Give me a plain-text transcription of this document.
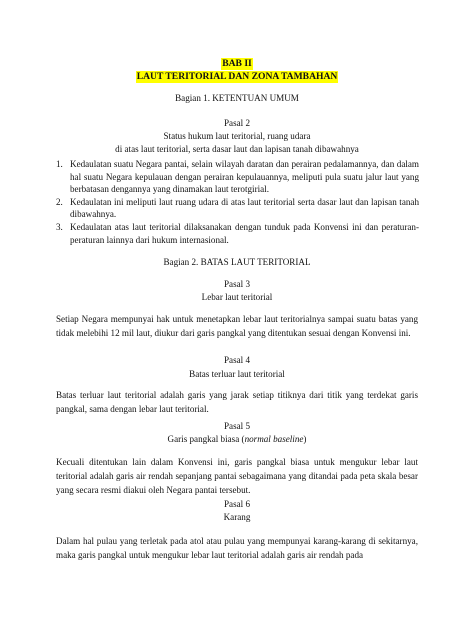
BAB II
LAUT TERITORIAL DAN ZONA TAMBAHAN
Bagian 1. KETENTUAN UMUM
Pasal 2
Status hukum laut teritorial, ruang udara
di atas laut teritorial, serta dasar laut dan lapisan tanah dibawahnya
1. Kedaulatan suatu Negara pantai, selain wilayah daratan dan perairan pedalamannya, dan dalam hal suatu Negara kepulauan dengan perairan kepulauannya, meliputi pula suatu jalur laut yang berbatasan dengannya yang dinamakan laut terotgirial.
2. Kedaulatan ini meliputi laut ruang udara di atas laut teritorial serta dasar laut dan lapisan tanah dibawahnya.
3. Kedaulatan atas laut teritorial dilaksanakan dengan tunduk pada Konvensi ini dan peraturan-peraturan lainnya dari hukum internasional.
Bagian 2. BATAS LAUT TERITORIAL
Pasal 3
Lebar laut teritorial
Setiap Negara mempunyai hak untuk menetapkan lebar laut teritorialnya sampai suatu batas yang tidak melebihi 12 mil laut, diukur dari garis pangkal yang ditentukan sesuai dengan Konvensi ini.
Pasal 4
Batas terluar laut teritorial
Batas terluar laut teritorial adalah garis yang jarak setiap titiknya dari titik yang terdekat garis pangkal, sama dengan lebar laut teritorial.
Pasal 5
Garis pangkal biasa (normal baseline)
Kecuali ditentukan lain dalam Konvensi ini, garis pangkal biasa untuk mengukur lebar laut teritorial adalah garis air rendah sepanjang pantai sebagaimana yang ditandai pada peta skala besar yang secara resmi diakui oleh Negara pantai tersebut.
Pasal 6
Karang
Dalam hal pulau yang terletak pada atol atau pulau yang mempunyai karang-karang di sekitarnya, maka garis pangkal untuk mengukur lebar laut teritorial adalah garis air rendah pada
